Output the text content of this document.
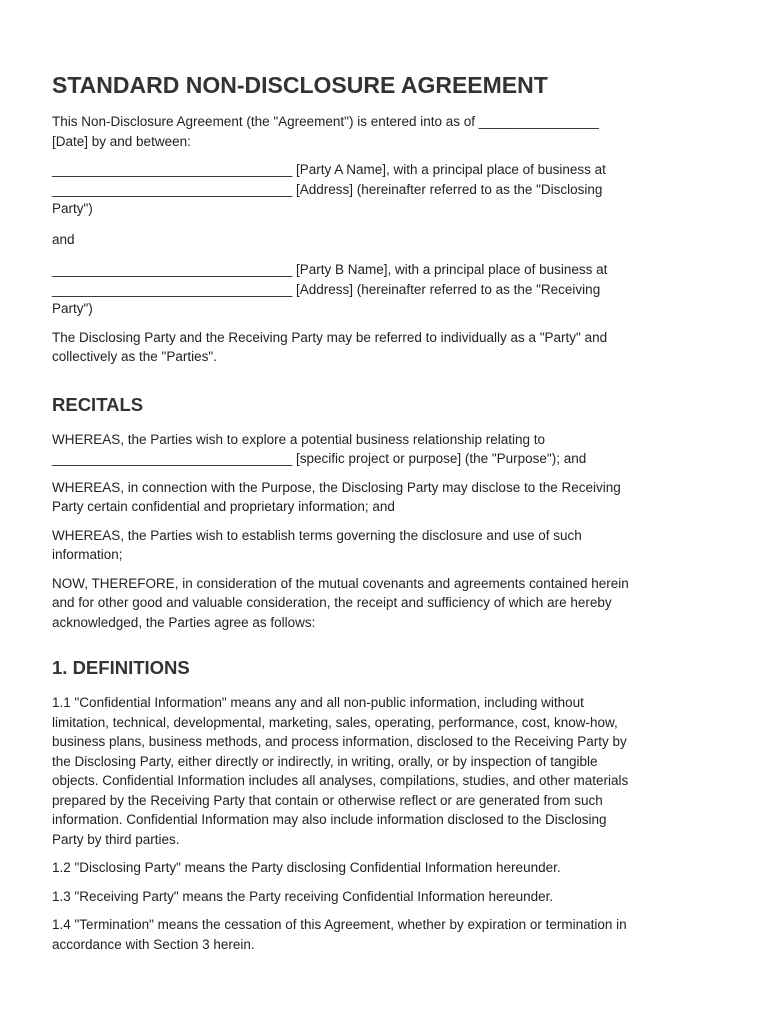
STANDARD NON-DISCLOSURE AGREEMENT

This Non-Disclosure Agreement (the "Agreement") is entered into as of ________________

[Date] by and between:

________________________________ [Party A Name], with a principal place of business at

________________________________ [Address] (hereinafter referred to as the "Disclosing

Party")

and

________________________________ [Party B Name], with a principal place of business at

________________________________ [Address] (hereinafter referred to as the "Receiving

Party")

The Disclosing Party and the Receiving Party may be referred to individually as a "Party" and

collectively as the "Parties".

RECITALS

WHEREAS, the Parties wish to explore a potential business relationship relating to

________________________________ [specific project or purpose] (the "Purpose"); and

WHEREAS, in connection with the Purpose, the Disclosing Party may disclose to the Receiving

Party certain confidential and proprietary information; and

WHEREAS, the Parties wish to establish terms governing the disclosure and use of such

information;

NOW, THEREFORE, in consideration of the mutual covenants and agreements contained herein

and for other good and valuable consideration, the receipt and sufficiency of which are hereby

acknowledged, the Parties agree as follows:

1. DEFINITIONS

1.1 "Confidential Information" means any and all non-public information, including without

limitation, technical, developmental, marketing, sales, operating, performance, cost, know-how,

business plans, business methods, and process information, disclosed to the Receiving Party by

the Disclosing Party, either directly or indirectly, in writing, orally, or by inspection of tangible

objects. Confidential Information includes all analyses, compilations, studies, and other materials

prepared by the Receiving Party that contain or otherwise reflect or are generated from such

information. Confidential Information may also include information disclosed to the Disclosing

Party by third parties.

1.2 "Disclosing Party" means the Party disclosing Confidential Information hereunder.

1.3 "Receiving Party" means the Party receiving Confidential Information hereunder.

1.4 "Termination" means the cessation of this Agreement, whether by expiration or termination in

accordance with Section 3 herein.
